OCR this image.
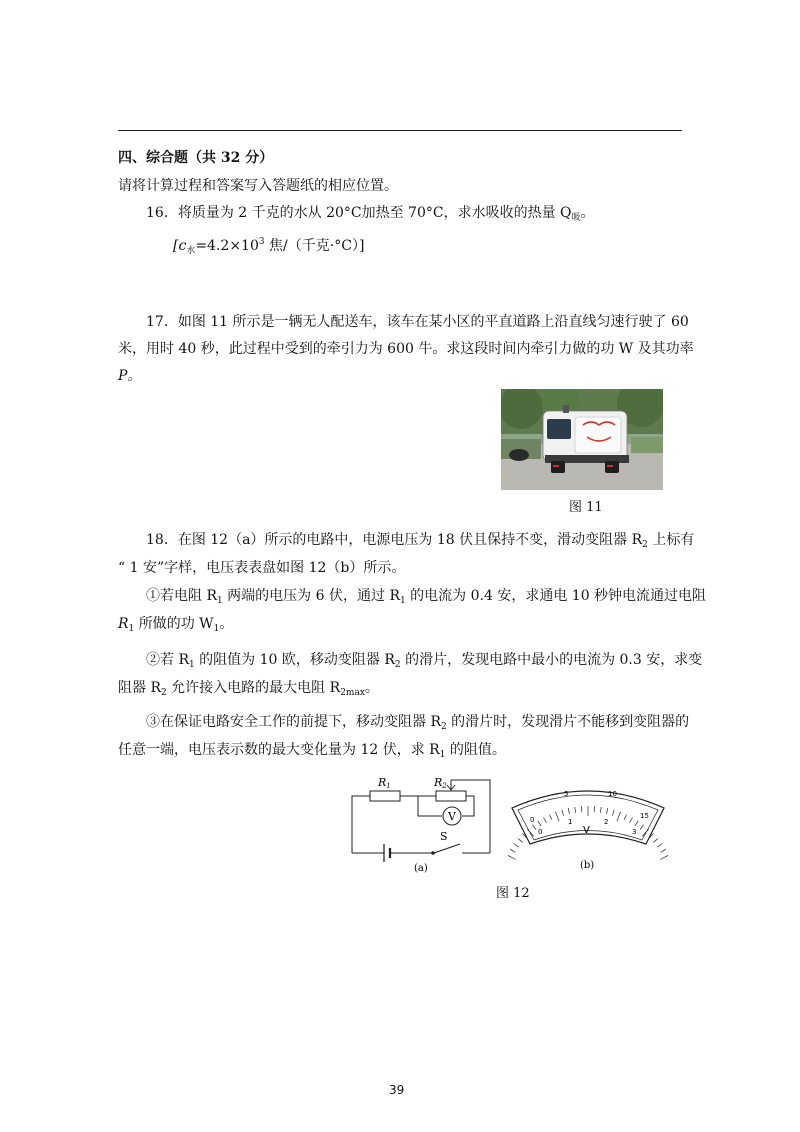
四、综合题（共 32 分）
请将计算过程和答案写入答题纸的相应位置。
16．将质量为 2 千克的水从 20°C加热至 70°C，求水吸收的热量 $Q_吸$。
[$c_水=4.2\times 10^3$ 焦/（千克·°C）]
17．如图 11 所示是一辆无人配送车，该车在某小区的平直道路上沿直线匀速行驶了 60
米，用时 40 秒，此过程中受到的牵引力为 600 牛。求这段时间内牵引力做的功 W 及其功率
P。
图 11
18．在图 12（a）所示的电路中，电源电压为 18 伏且保持不变，滑动变阻器 $R_2$ 上标有
“ 1 安”字样，电压表表盘如图 12（b）所示。
①若电阻 $R_1$ 两端的电压为 6 伏，通过 $R_1$ 的电流为 0.4 安，求通电 10 秒钟电流通过电阻
$R_1$ 所做的功 $W_1$。
②若 $R_1$ 的阻值为 10 欧，移动变阻器 $R_2$ 的滑片，发现电路中最小的电流为 0.3 安，求变
阻器 $R_2$ 允许接入电路的最大电阻 $R_{2max}$。
③在保证电路安全工作的前提下，移动变阻器 $R_2$ 的滑片时，发现滑片不能移到变阻器的
任意一端，电压表示数的最大变化量为 12 伏，求 $R_1$ 的阻值。
R1	R2
V
S
(a)
0
5	10
15
0
1	2
3
V
(b)
图 12
39
